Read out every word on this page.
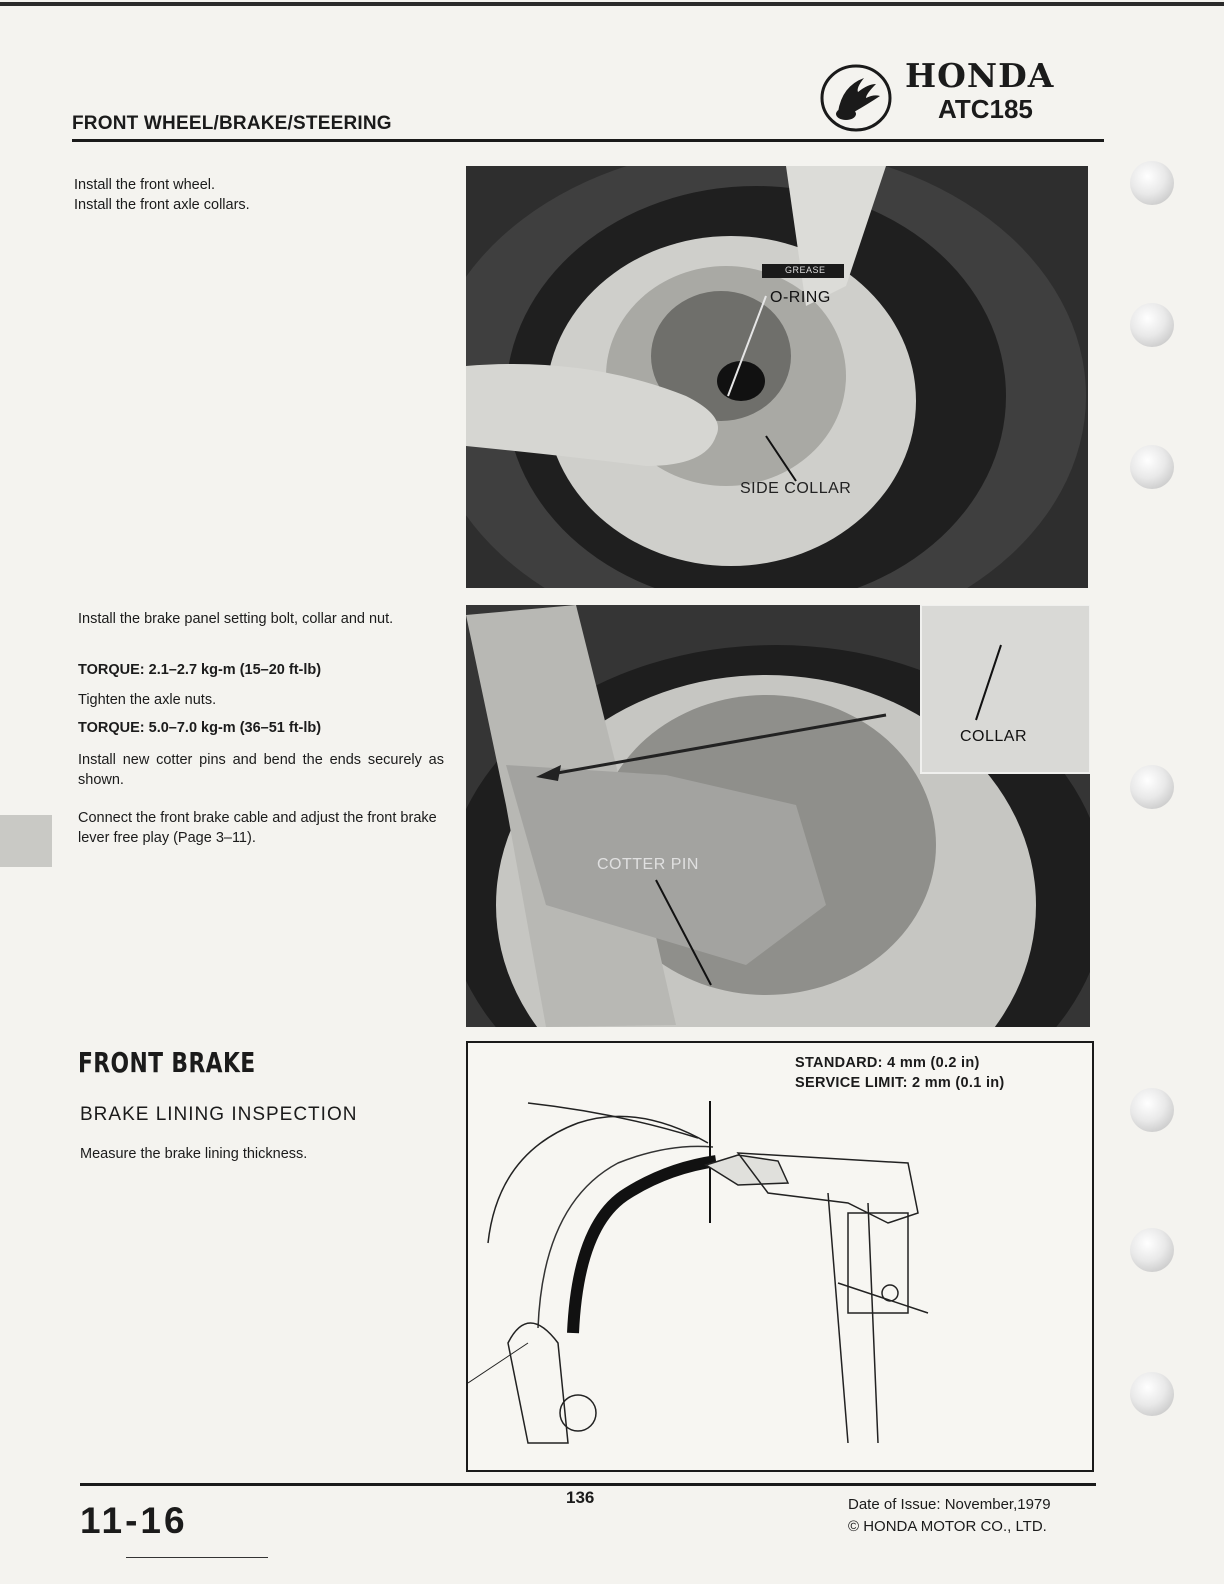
FRONT WHEEL/BRAKE/STEERING
HONDA
ATC185
Install the front wheel.
Install the front axle collars.
GREASE
O-RING
SIDE COLLAR
Install the brake panel setting bolt, collar and nut.
TORQUE: 2.1–2.7 kg-m (15–20 ft-lb)
Tighten the axle nuts.
TORQUE: 5.0–7.0 kg-m (36–51 ft-lb)
Install new cotter pins and bend the ends securely as shown.
Connect the front brake cable and adjust the front brake lever free play (Page 3–11).
COTTER PIN
COLLAR
FRONT BRAKE
BRAKE LINING INSPECTION
Measure the brake lining thickness.
STANDARD: 4 mm (0.2 in)
SERVICE LIMIT: 2 mm (0.1 in)
11-16
136	Date of Issue: November,1979
© HONDA MOTOR CO., LTD.
